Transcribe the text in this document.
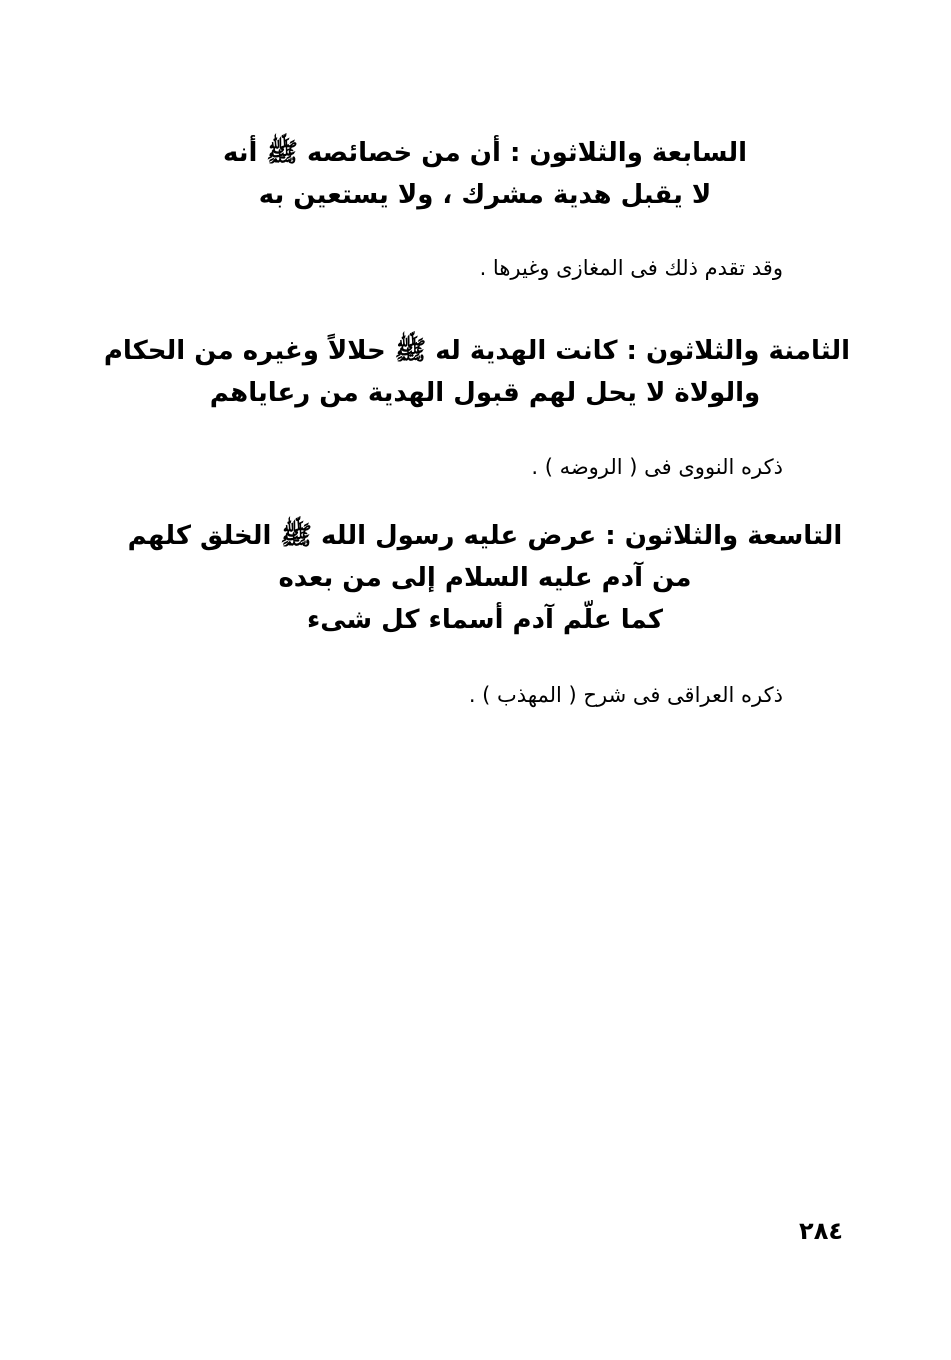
السابعة والثلاثون : أن من خصائصه ﷺ أنه
لا يقبل هدية مشرك ، ولا يستعين به
وقد تقدم ذلك فى المغازى وغيرها .
الثامنة والثلاثون : كانت الهدية له ﷺ حلالاً وغيره من الحكام
والولاة لا يحل لهم قبول الهدية من رعاياهم
ذكره النووى فى ( الروضه ) .
التاسعة والثلاثون : عرض عليه رسول الله ﷺ الخلق كلهم
من آدم عليه السلام إلى من بعده
كما علّم آدم أسماء كل شىء
ذكره العراقى فى شرح ( المهذب ) .
٢٨٤
